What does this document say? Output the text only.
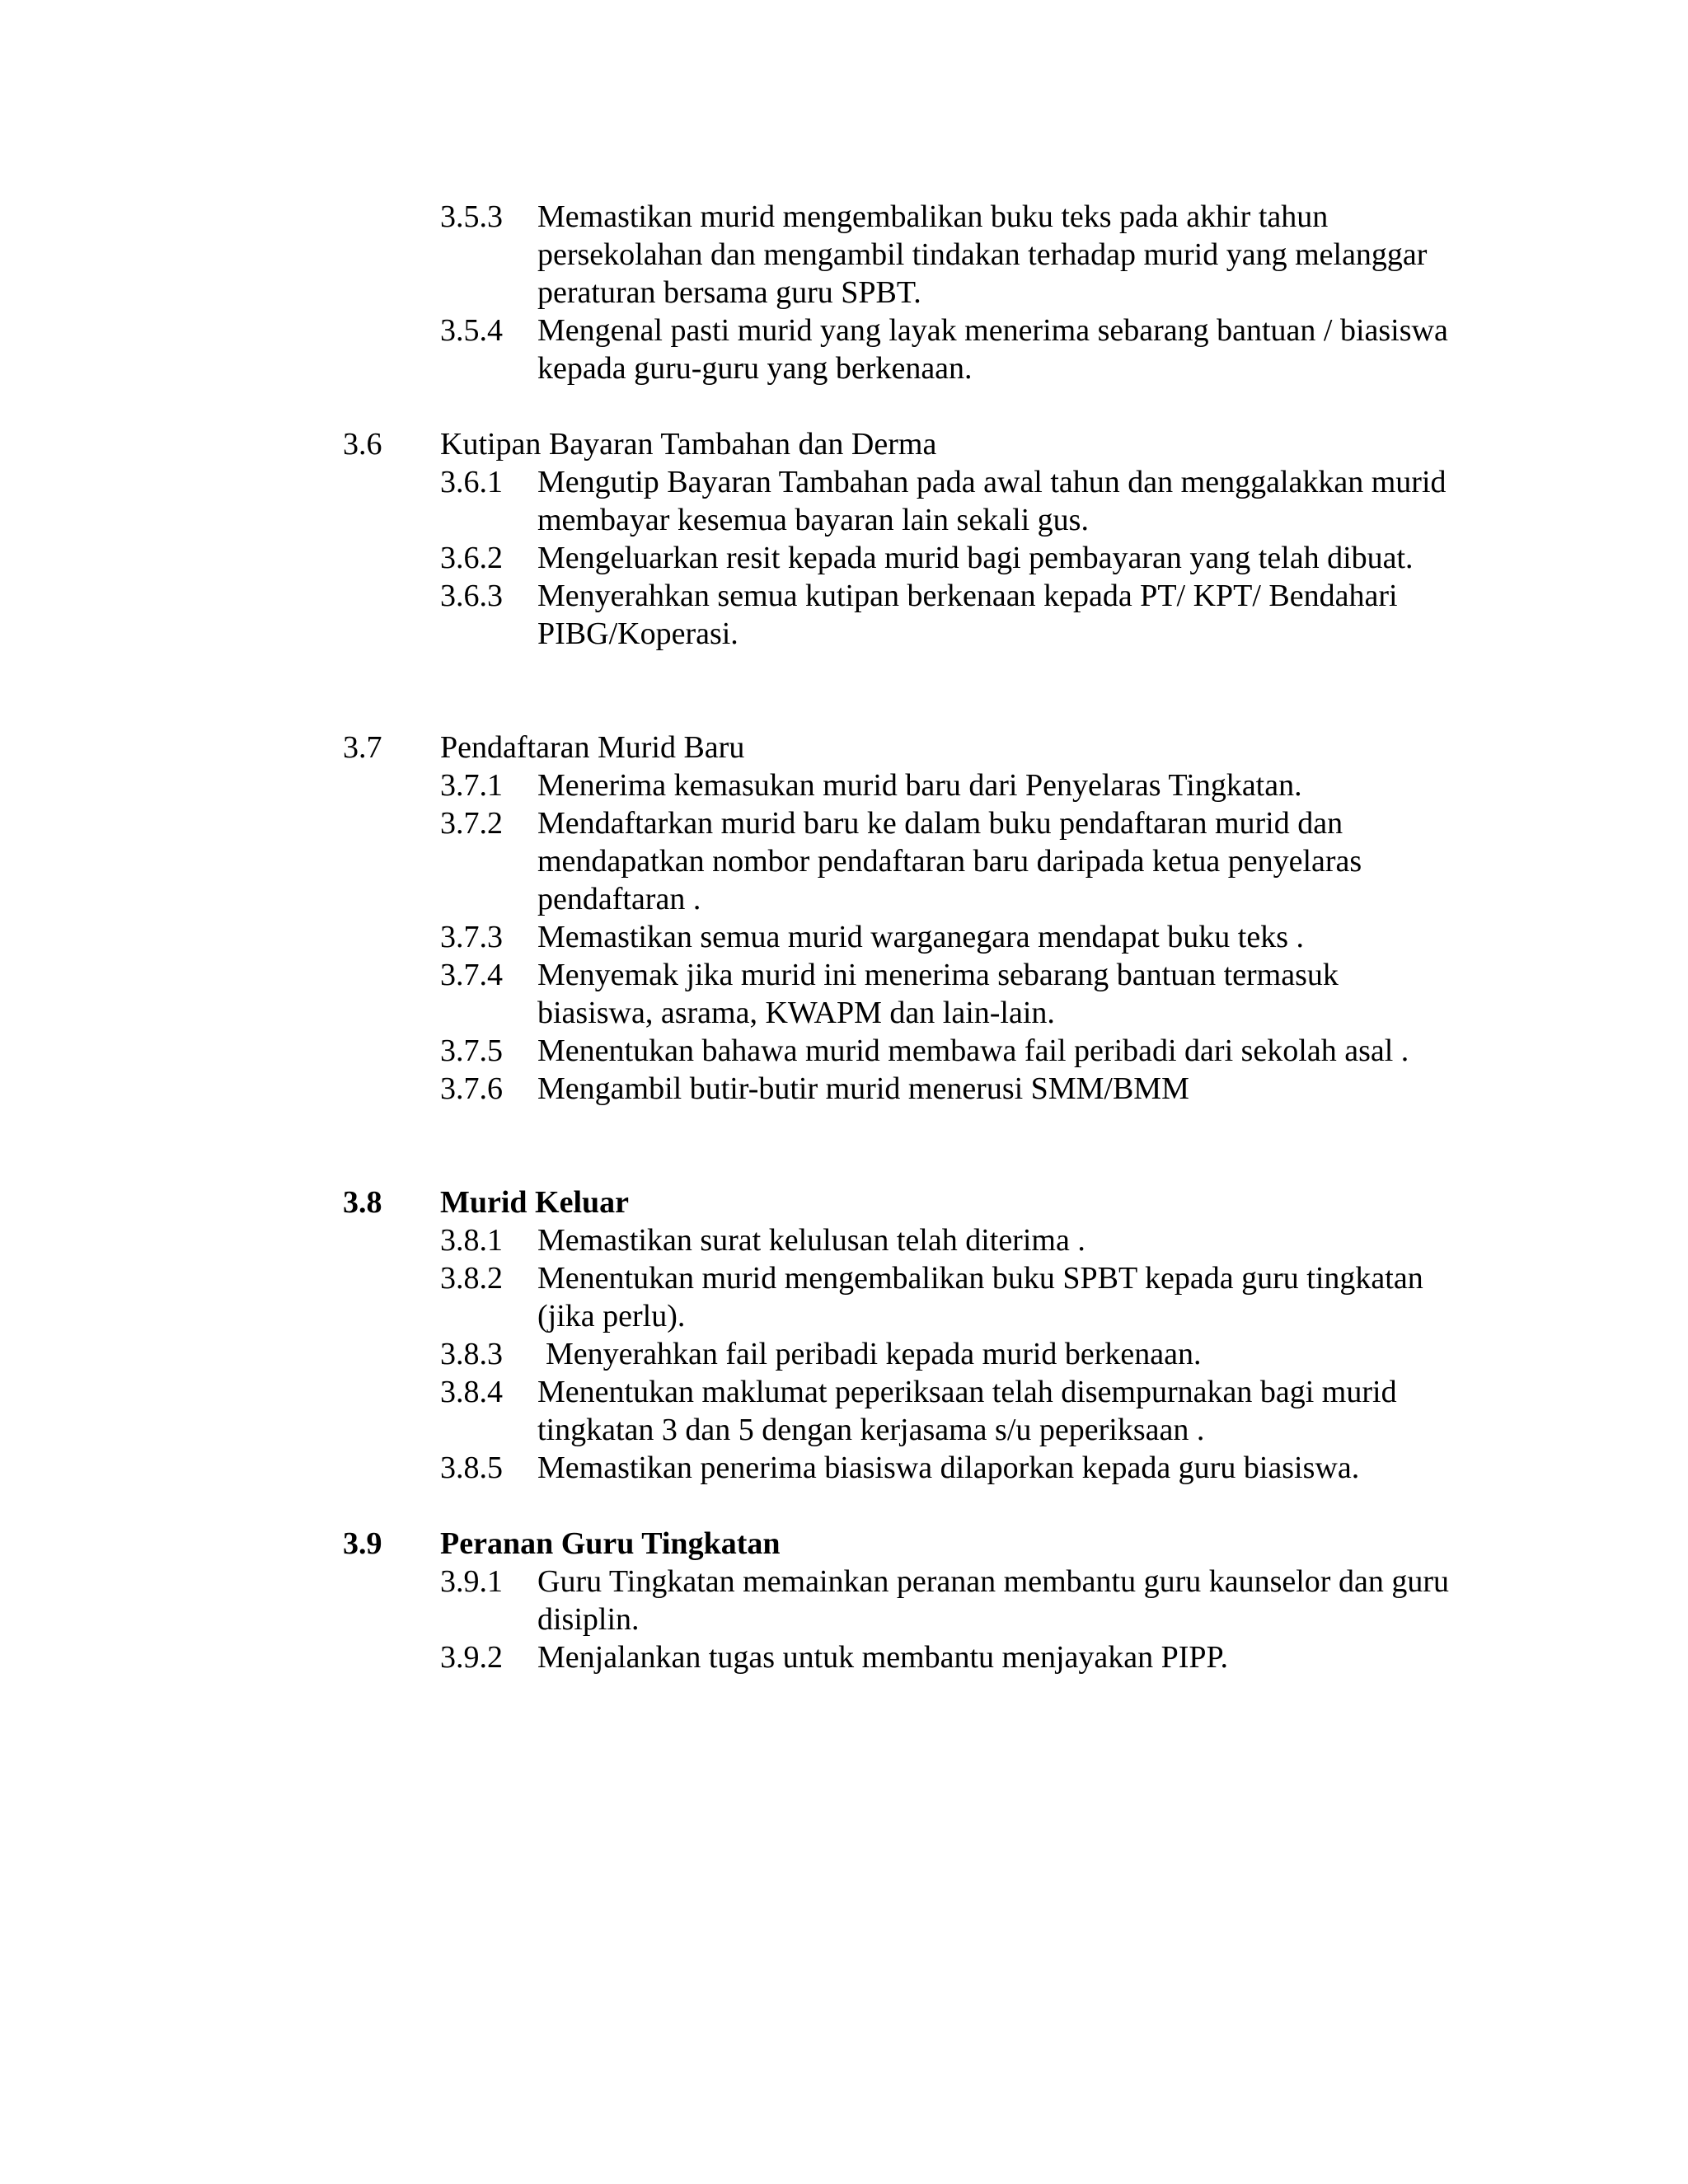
3.5.3	Memastikan murid mengembalikan buku teks pada akhir tahun persekolahan dan mengambil tindakan terhadap murid yang melanggar peraturan bersama guru SPBT.
3.5.4	Mengenal pasti murid yang layak menerima sebarang bantuan / biasiswa kepada guru-guru yang berkenaan.
3.6	Kutipan Bayaran Tambahan dan Derma
3.6.1	Mengutip Bayaran Tambahan pada awal tahun dan menggalakkan murid membayar kesemua bayaran lain sekali gus.
3.6.2	Mengeluarkan resit kepada murid bagi pembayaran yang telah dibuat.
3.6.3	Menyerahkan semua kutipan berkenaan kepada PT/ KPT/ Bendahari PIBG/Koperasi.
3.7	Pendaftaran Murid Baru
3.7.1	Menerima kemasukan murid baru dari Penyelaras Tingkatan.
3.7.2	Mendaftarkan murid baru ke dalam buku pendaftaran murid dan mendapatkan nombor pendaftaran baru daripada ketua penyelaras pendaftaran .
3.7.3	Memastikan semua murid warganegara mendapat buku teks .
3.7.4	Menyemak jika murid ini menerima sebarang bantuan termasuk biasiswa, asrama, KWAPM dan lain-lain.
3.7.5	Menentukan bahawa murid membawa fail peribadi dari sekolah asal .
3.7.6	Mengambil butir-butir murid menerusi SMM/BMM
3.8	Murid Keluar
3.8.1	Memastikan surat kelulusan telah diterima .
3.8.2	Menentukan murid mengembalikan buku SPBT kepada guru tingkatan (jika perlu).
3.8.3	Menyerahkan fail peribadi kepada murid berkenaan.
3.8.4	Menentukan maklumat peperiksaan telah disempurnakan bagi murid tingkatan 3 dan 5 dengan kerjasama s/u peperiksaan .
3.8.5	Memastikan penerima biasiswa dilaporkan kepada guru biasiswa.
3.9	Peranan Guru Tingkatan
3.9.1	Guru Tingkatan memainkan peranan membantu guru kaunselor dan guru disiplin.
3.9.2	Menjalankan tugas untuk membantu menjayakan PIPP.
